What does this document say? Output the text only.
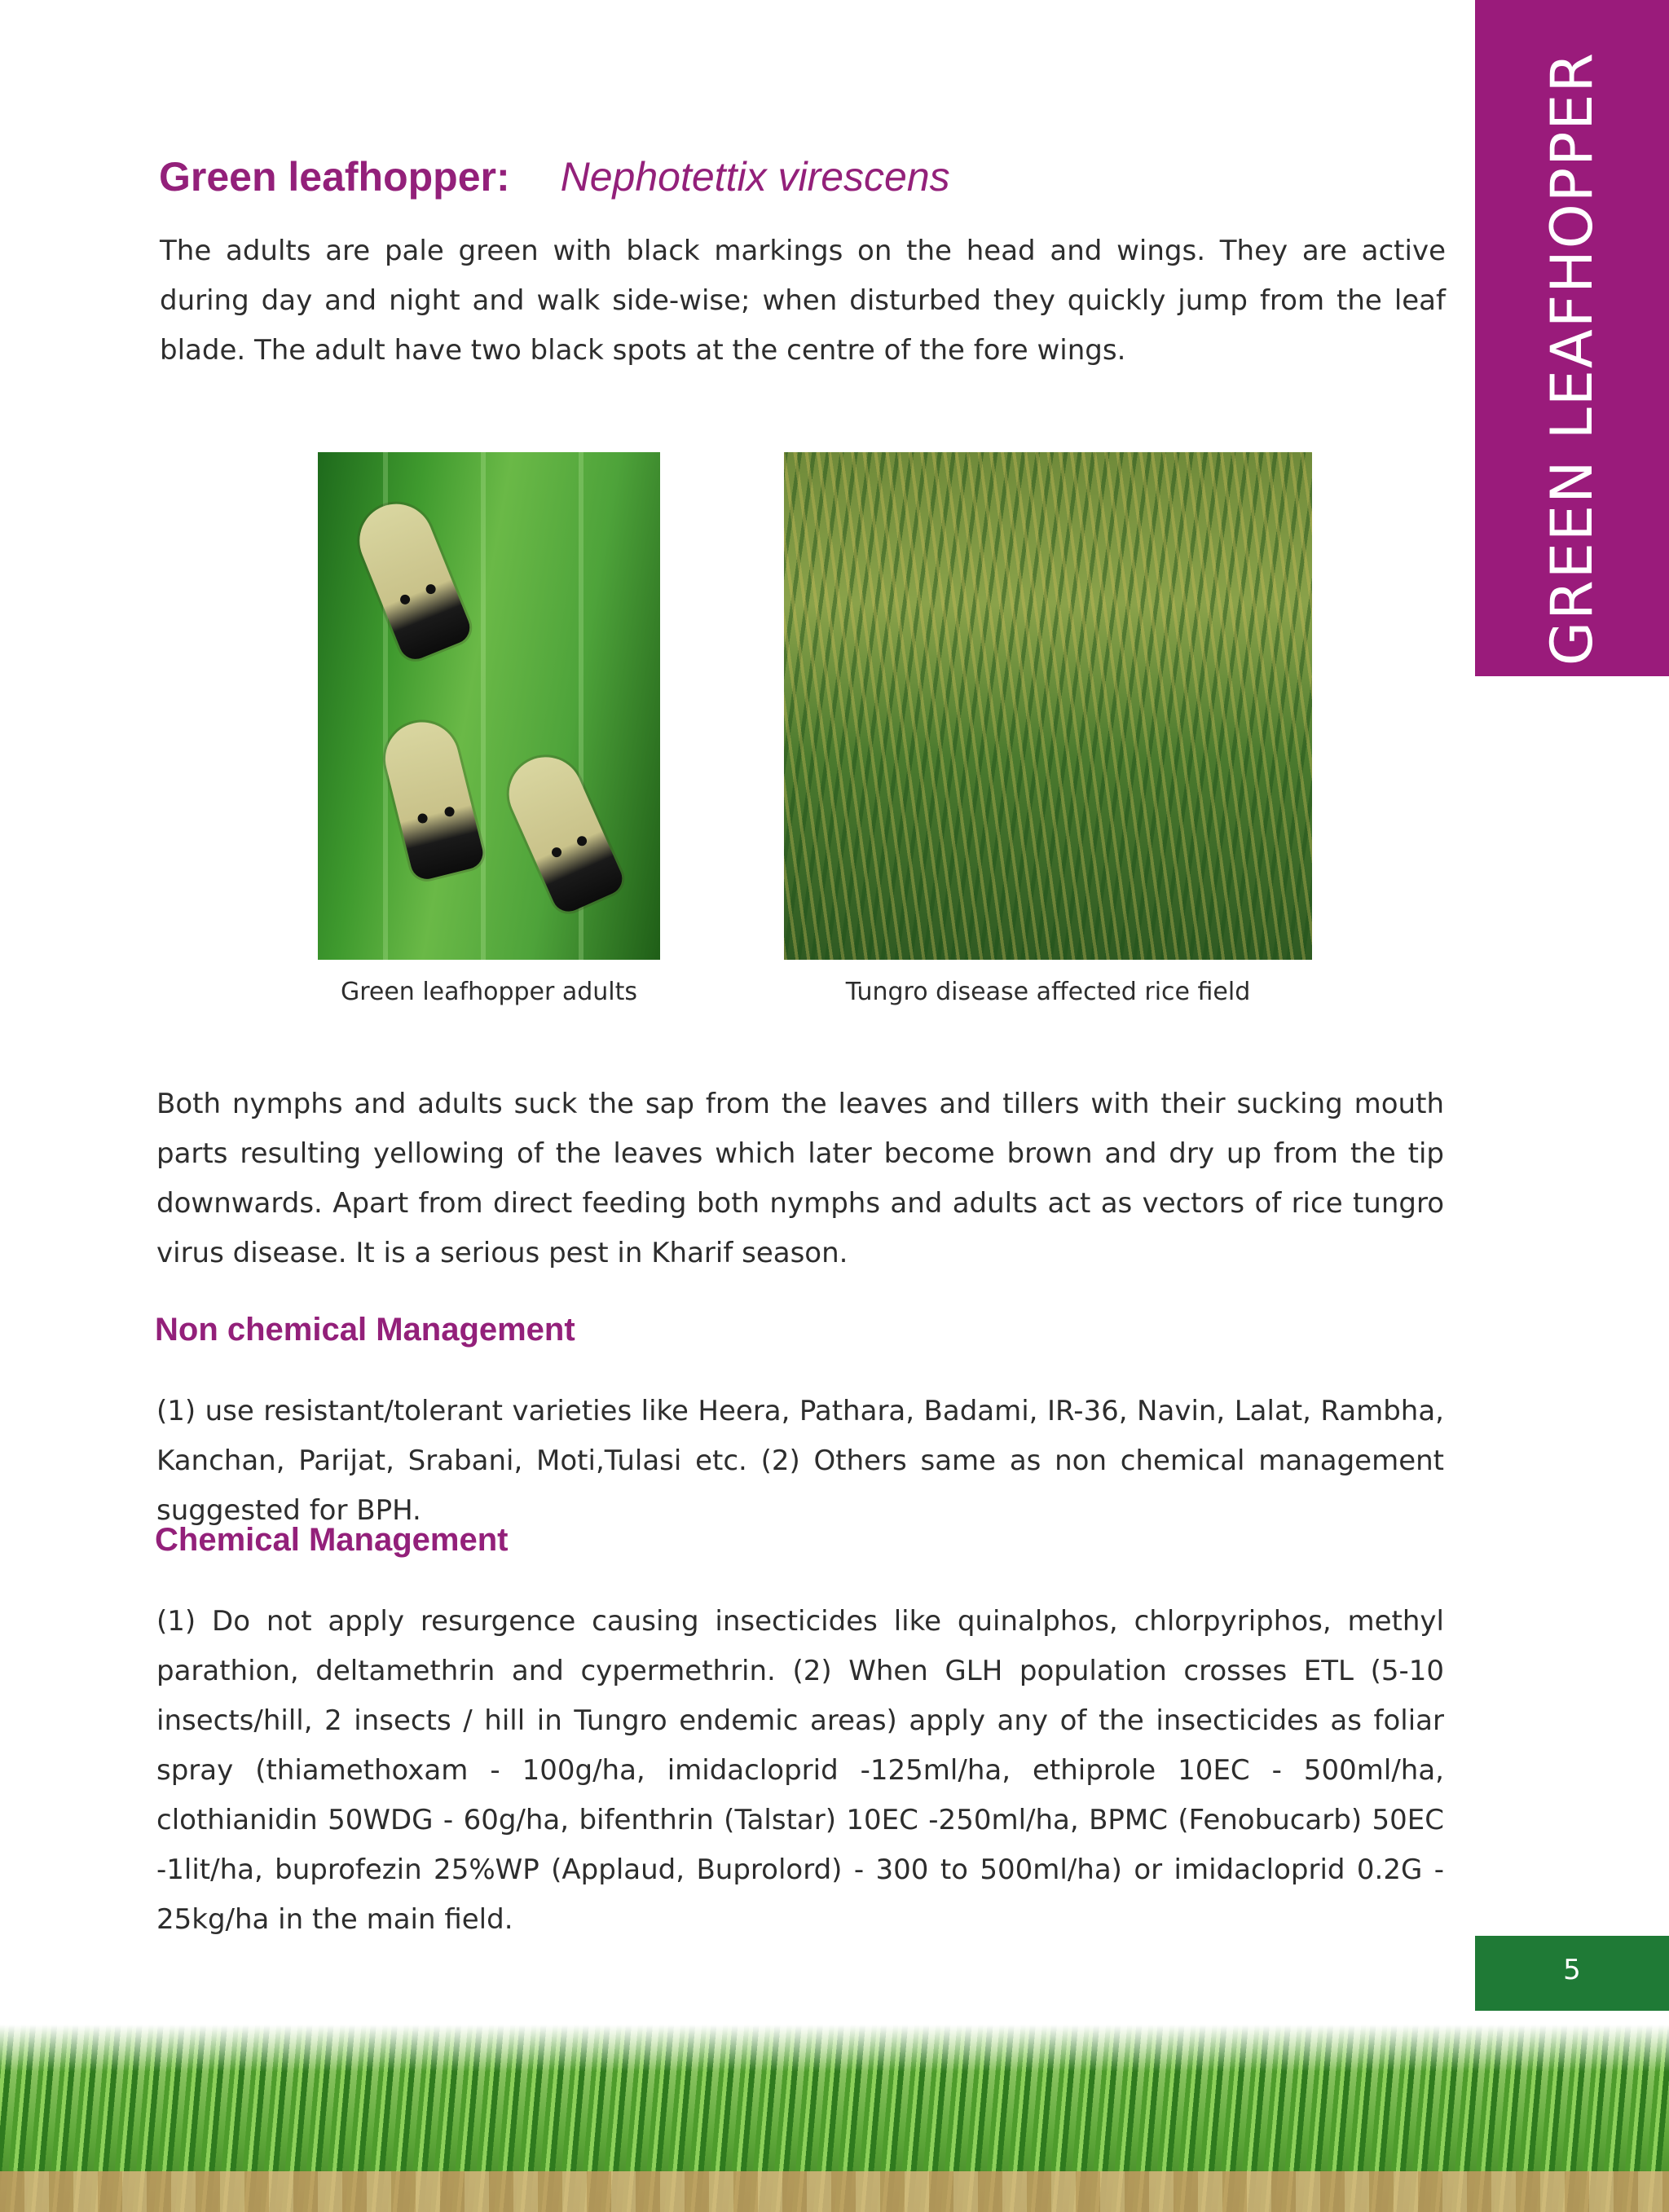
GREEN LEAFHOPPER
Green leafhopper: Nephotettix virescens
The adults are pale green with black markings on the head and wings. They are active during day and night and walk side-wise; when disturbed they quickly jump from the leaf blade. The adult have two black spots at the centre of the fore wings.
Green leafhopper adults	Tungro disease affected rice field
Both nymphs and adults suck the sap from the leaves and tillers with their sucking mouth parts resulting yellowing of the leaves which later become brown and dry up from the tip downwards. Apart from direct feeding both nymphs and adults act as vectors of rice tungro virus disease. It is a serious pest in Kharif season.
Non chemical Management
(1) use resistant/tolerant varieties like Heera, Pathara, Badami, IR-36, Navin, Lalat, Rambha, Kanchan, Parijat, Srabani, Moti,Tulasi etc. (2) Others same as non chemical management suggested for BPH.
Chemical Management
(1) Do not apply resurgence causing insecticides like quinalphos, chlorpyriphos, methyl parathion, deltamethrin and cypermethrin. (2) When GLH population crosses ETL (5-10 insects/hill, 2 insects / hill in Tungro endemic areas) apply any of the insecticides as foliar spray (thiamethoxam - 100g/ha, imidacloprid -125ml/ha, ethiprole 10EC - 500ml/ha, clothianidin 50WDG - 60g/ha, bifenthrin (Talstar) 10EC -250ml/ha, BPMC (Fenobucarb) 50EC -1lit/ha, buprofezin 25%WP (Applaud, Buprolord) - 300 to 500ml/ha) or imidacloprid 0.2G - 25kg/ha in the main field.
5
